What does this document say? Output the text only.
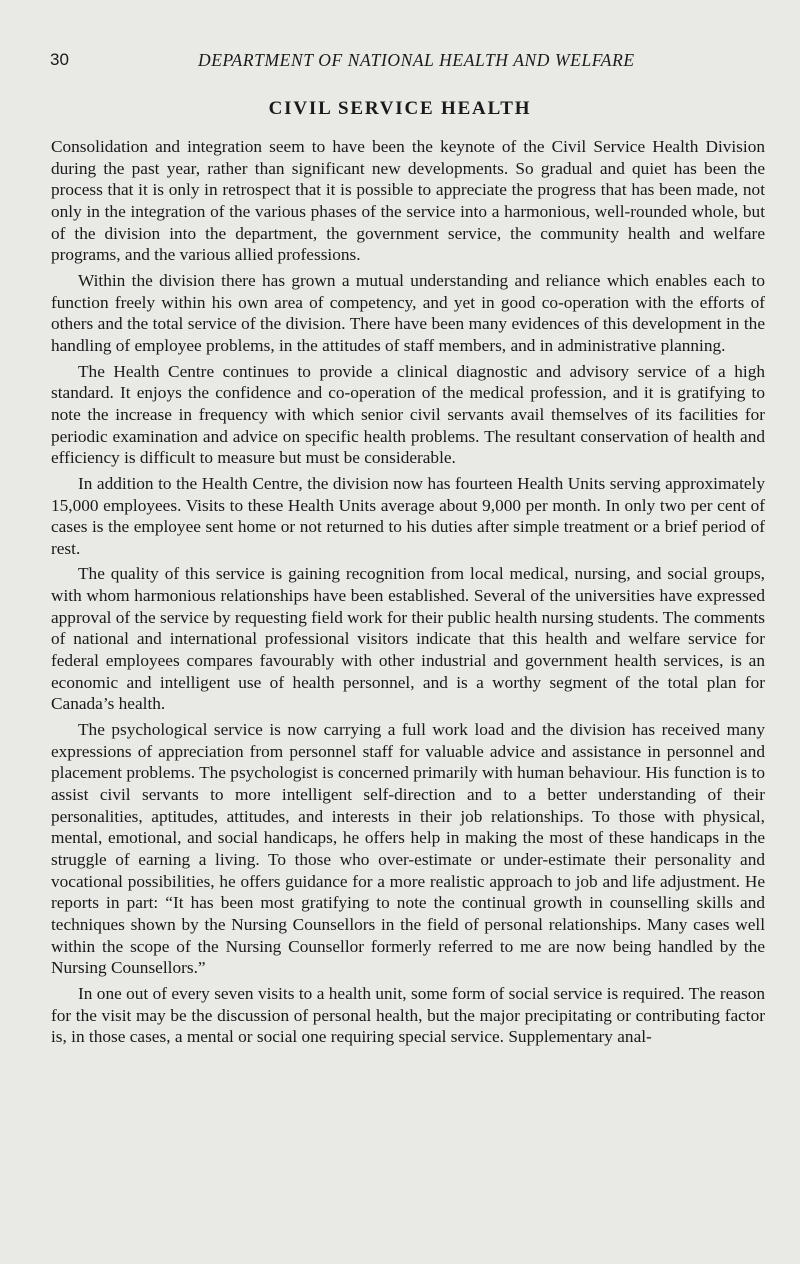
30	DEPARTMENT OF NATIONAL HEALTH AND WELFARE
CIVIL SERVICE HEALTH

Consolidation and integration seem to have been the keynote of the Civil Service Health Division during the past year, rather than significant new developments. So gradual and quiet has been the process that it is only in retrospect that it is possible to appreciate the progress that has been made, not only in the integration of the various phases of the service into a harmonious, well-rounded whole, but of the division into the department, the government service, the community health and welfare programs, and the various allied professions.

Within the division there has grown a mutual understanding and reliance which enables each to function freely within his own area of competency, and yet in good co-operation with the efforts of others and the total service of the division. There have been many evidences of this development in the handling of employee problems, in the attitudes of staff members, and in administrative planning.

The Health Centre continues to provide a clinical diagnostic and advisory service of a high standard. It enjoys the confidence and co-operation of the medical profession, and it is gratifying to note the increase in frequency with which senior civil servants avail themselves of its facilities for periodic examination and advice on specific health problems. The resultant conservation of health and efficiency is difficult to measure but must be considerable.

In addition to the Health Centre, the division now has fourteen Health Units serving approximately 15,000 employees. Visits to these Health Units average about 9,000 per month. In only two per cent of cases is the employee sent home or not returned to his duties after simple treatment or a brief period of rest.

The quality of this service is gaining recognition from local medical, nursing, and social groups, with whom harmonious relationships have been established. Several of the universities have expressed approval of the service by requesting field work for their public health nursing students. The comments of national and international professional visitors indicate that this health and welfare service for federal employees compares favourably with other industrial and government health services, is an economic and intelligent use of health personnel, and is a worthy segment of the total plan for Canada’s health.

The psychological service is now carrying a full work load and the division has received many expressions of appreciation from personnel staff for valuable advice and assistance in personnel and placement problems. The psychologist is concerned primarily with human behaviour. His function is to assist civil servants to more intelligent self-direction and to a better understanding of their personalities, aptitudes, attitudes, and interests in their job relationships. To those with physical, mental, emotional, and social handicaps, he offers help in making the most of these handicaps in the struggle of earning a living. To those who over-estimate or under-estimate their personality and vocational possibilities, he offers guidance for a more realistic approach to job and life adjustment. He reports in part: “It has been most gratifying to note the continual growth in counselling skills and techniques shown by the Nursing Counsellors in the field of personal relationships. Many cases well within the scope of the Nursing Counsellor formerly referred to me are now being handled by the Nursing Counsellors.”

In one out of every seven visits to a health unit, some form of social service is required. The reason for the visit may be the discussion of personal health, but the major precipitating or contributing factor is, in those cases, a mental or social one requiring special service. Supplementary anal-
